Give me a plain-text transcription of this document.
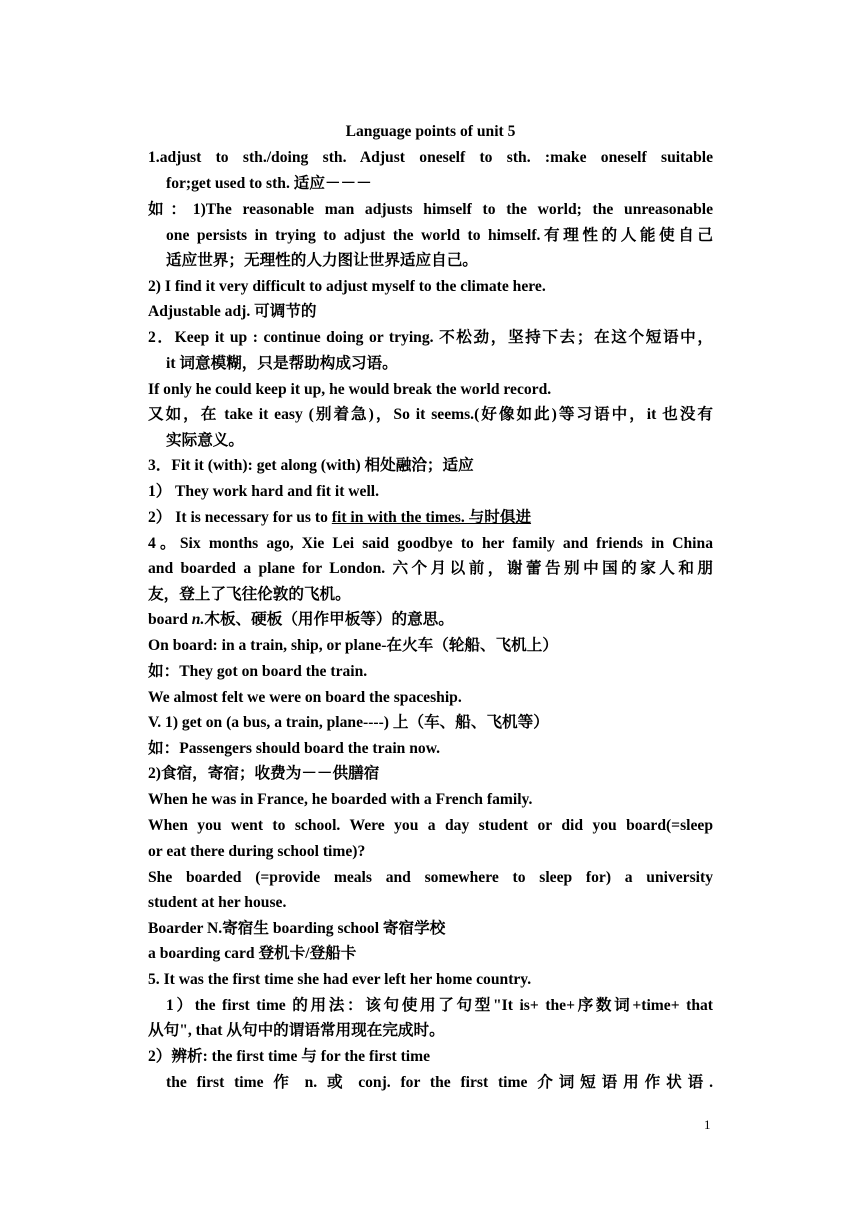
Language points of unit 5
1.adjust to sth./doing sth. Adjust oneself to sth. :make oneself suitable
for;get used to sth. 适应－－－
如：1)The reasonable man adjusts himself to the world; the unreasonable
one persists in trying to adjust the world to himself.有理性的人能使自己
适应世界；无理性的人力图让世界适应自己。
2) I find it very difficult to adjust myself to the climate here.
Adjustable adj. 可调节的
2．Keep it up : continue doing or trying. 不松劲，坚持下去；在这个短语中，
it 词意模糊，只是帮助构成习语。
If only he could keep it up, he would break the world record.
又如，在 take it easy (别着急)，So it seems.(好像如此)等习语中，it 也没有
实际意义。
3．Fit it (with): get along (with) 相处融洽；适应
1） They work hard and fit it well.
2） It is necessary for us to fit in with the times. 与时俱进
4。Six months ago, Xie Lei said goodbye to her family and friends in China
and boarded a plane for London. 六个月以前，谢蕾告别中国的家人和朋
友，登上了飞往伦敦的飞机。
board n.木板、硬板（用作甲板等）的意思。
On board: in a train, ship, or plane-在火车（轮船、飞机上）
如：They got on board the train.
We almost felt we were on board the spaceship.
V. 1) get on (a bus, a train, plane----) 上（车、船、飞机等）
如：Passengers should board the train now.
2)食宿，寄宿；收费为－－供膳宿
When he was in France, he boarded with a French family.
When you went to school. Were you a day student or did you board(=sleep
or eat there during school time)?
She boarded (=provide meals and somewhere to sleep for) a university
student at her house.
Boarder N.寄宿生 boarding school 寄宿学校
a boarding card 登机卡/登船卡
5. It was the first time she had ever left her home country.
1）the first time 的用法：该句使用了句型"It is+ the+序数词+time+ that
从句", that 从句中的谓语常用现在完成时。
2）辨析: the first time 与 for the first time
the first time 作 n. 或 conj. for the first time 介词短语用作状语.
1
